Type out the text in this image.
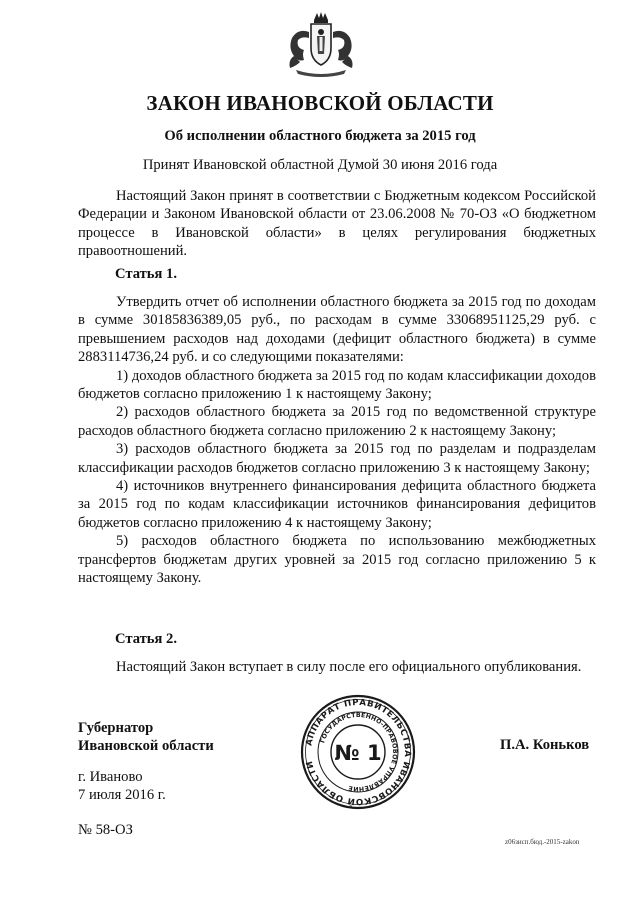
ЗАКОН ИВАНОВСКОЙ ОБЛАСТИ
Об исполнении областного бюджета за 2015 год
Принят Ивановской областной Думой 30 июня 2016 года

Настоящий Закон принят в соответствии с Бюджетным кодексом Российской Федерации и Законом Ивановской области от 23.06.2008 № 70-ОЗ «О бюджетном процессе в Ивановской области» в целях регулирования бюджетных правоотношений.

Статья 1.

Утвердить отчет об исполнении областного бюджета за 2015 год по доходам в сумме 30185836389,05 руб., по расходам в сумме 33068951125,29 руб. с превышением расходов над доходами (дефицит областного бюджета) в сумме 2883114736,24 руб. и со следующими показателями:

1) доходов областного бюджета за 2015 год по кодам классификации доходов бюджетов согласно приложению 1 к настоящему Закону;

2) расходов областного бюджета за 2015 год по ведомственной структуре расходов областного бюджета согласно приложению 2 к настоящему Закону;

3) расходов областного бюджета за 2015 год по разделам и подразделам классификации расходов бюджетов согласно приложению 3 к настоящему Закону;

4) источников внутреннего финансирования дефицита областного бюджета за 2015 год по кодам классификации источников финансирования дефицитов бюджетов согласно приложению 4 к настоящему Закону;

5) расходов областного бюджета по использованию межбюджетных трансфертов бюджетам других уровней за 2015 год согласно приложению 5 к настоящему Закону.

Статья 2.

Настоящий Закон вступает в силу после его официального опубликования.

Губернатор
Ивановской области	АППАРАТ ПРАВИТЕЛЬСТВА ИВАНОВСКОЙ ОБЛАСТИ
ГОСУДАРСТВЕННО-ПРАВОВОЕ УПРАВЛЕНИЕ
№ 1	П.А. Коньков
г. Иваново
7 июля 2016 г.
№ 58-ОЗ
z06зисп.бюд.-2015-zakon
